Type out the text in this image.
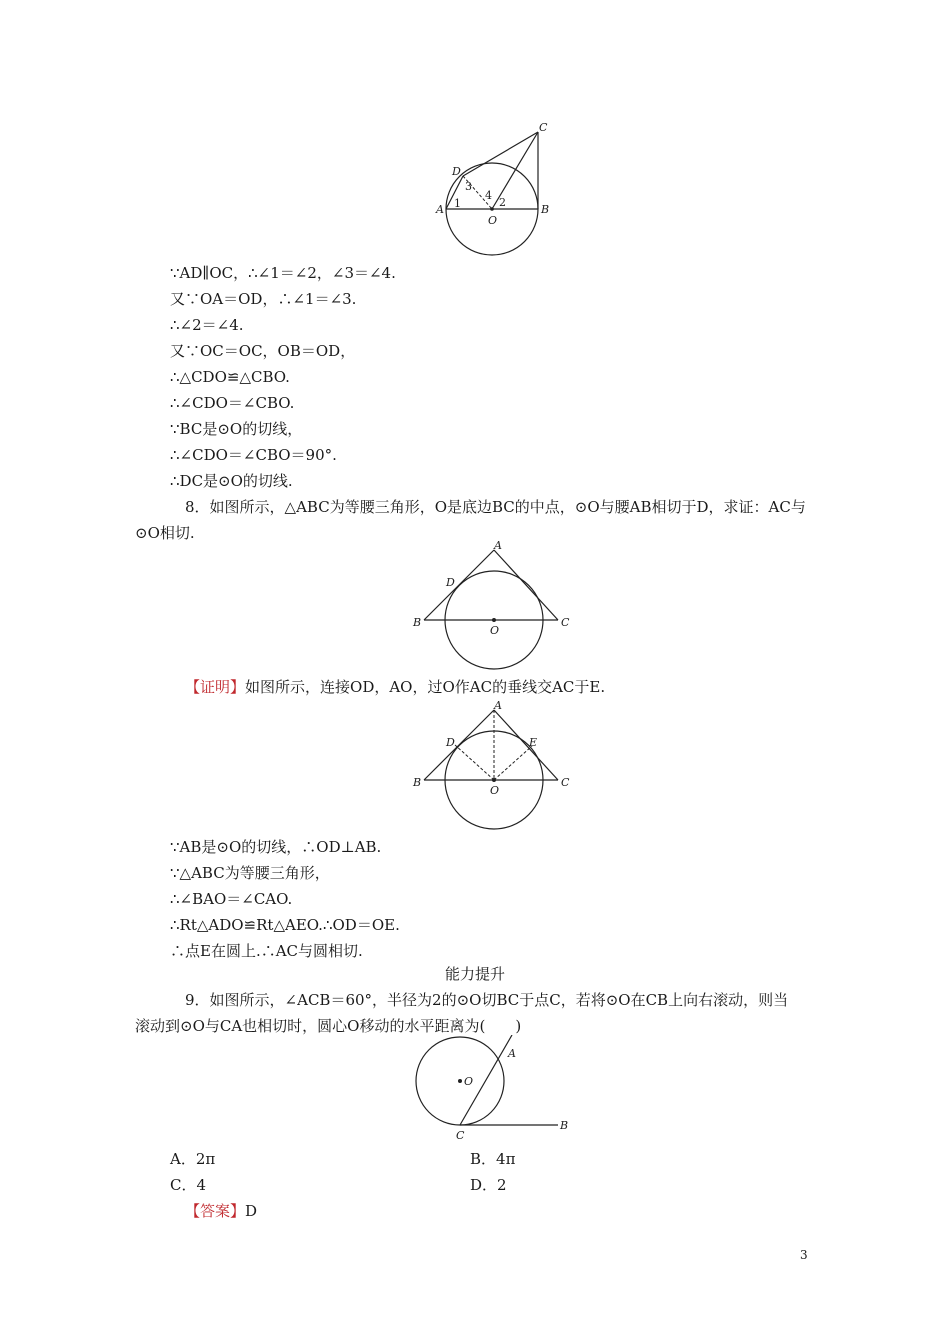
A	B
C
D
O
1	2
3
4
∵AD∥OC，∴∠1＝∠2，∠3＝∠4.
又∵OA＝OD，∴∠1＝∠3.
∴∠2＝∠4.
又∵OC＝OC，OB＝OD，
∴△CDO≌△CBO.
∴∠CDO＝∠CBO.
∵BC是⊙O的切线，
∴∠CDO＝∠CBO＝90°.
∴DC是⊙O的切线.
8．如图所示，△ABC为等腰三角形，O是底边BC的中点，⊙O与腰AB相切于D，求证：AC与
⊙O相切.
A
B	C
D
O
【证明】如图所示，连接OD，AO，过O作AC的垂线交AC于E.
A
B	C
D	E
O
∵AB是⊙O的切线，∴OD⊥AB.
∵△ABC为等腰三角形，
∴∠BAO＝∠CAO.
∴Rt△ADO≌Rt△AEO.∴OD＝OE.
∴点E在圆上.∴AC与圆相切.
能力提升
9．如图所示，∠ACB＝60°，半径为2的⊙O切BC于点C，若将⊙O在CB上向右滚动，则当
滚动到⊙O与CA也相切时，圆心O移动的水平距离为(　　)
O
A
B
C
A．2π	B．4π
C．4	D．2
【答案】D
3
